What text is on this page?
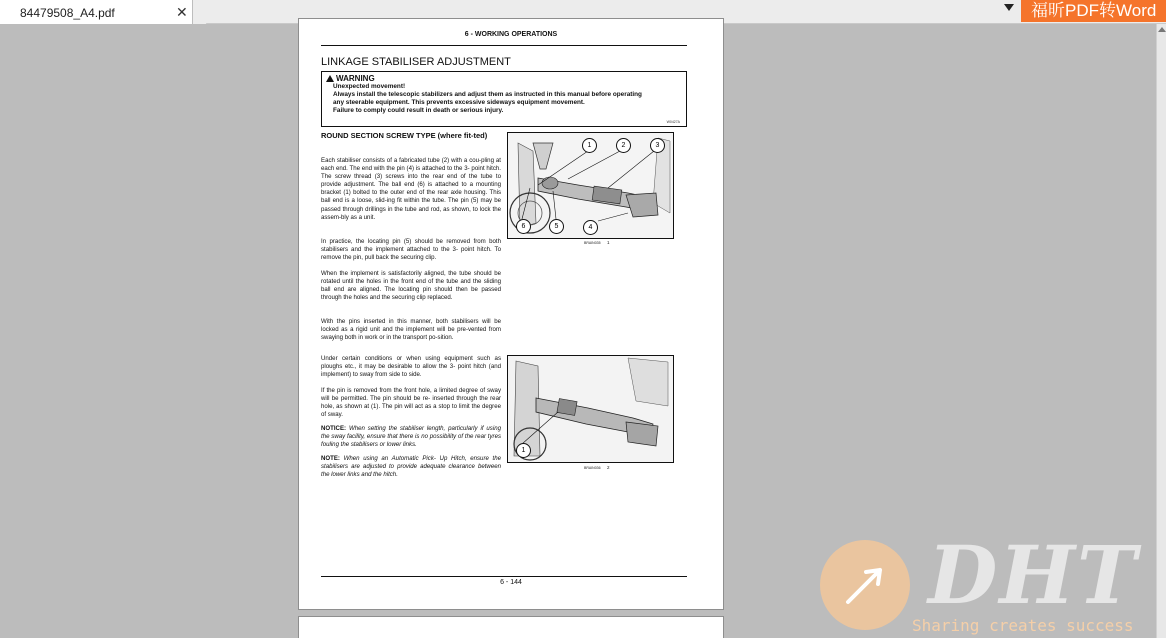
84479508_A4.pdf	✕	福昕PDF转Word
6 - WORKING OPERATIONS
LINKAGE STABILISER ADJUSTMENT
WARNING
Unexpected movement!
Always install the telescopic stabilizers and adjust them as instructed in this manual before operating
any steerable equipment. This prevents excessive sideways equipment movement.
Failure to comply could result in death or serious injury.
W0427A
ROUND SECTION SCREW TYPE (where fit-ted)
Each stabiliser consists of a fabricated tube (2) with a cou-pling at each end. The end with the pin (4) is attached to the 3- point hitch. The screw thread (3) screws into the rear end of the tube to provide adjustment. The ball end (6) is attached to a mounting bracket (1) bolted to the outer end of the rear axle housing. This ball end is a loose, slid-ing fit within the tube. The pin (5) may be passed through drillings in the tube and rod, as shown, to lock the assem-bly as a unit.
In practice, the locating pin (5) should be removed from both stabilisers and the implement attached to the 3- point hitch. To remove the pin, pull back the securing clip.
When the implement is satisfactorily aligned, the tube should be rotated until the holes in the front end of the tube and the sliding ball end are aligned. The locating pin should then be passed through the holes and the securing clip replaced.
With the pins inserted in this manner, both stabilisers will be locked as a rigid unit and the implement will be pre-vented from swaying both in work or in the transport po-sition.
Under certain conditions or when using equipment such as ploughs etc., it may be desirable to allow the 3- point hitch (and implement) to sway from side to side.
If the pin is removed from the front hole, a limited degree of sway will be permitted. The pin should be re- inserted through the rear hole, as shown at (1). The pin will act as a stop to limit the degree of sway.
NOTICE: When setting the stabiliser length, particularly if using the sway facility, ensure that there is no possibility of the rear tyres fouling the stabilisers or lower links.
NOTE: When using an Automatic Pick- Up Hitch, ensure the stabilisers are adjusted to provide adequate clearance between the lower links and the hitch.
1	2	3
4
5
6
BRAIN035 1
1
BRAIN036 2
6 - 144	DHT
Sharing creates success
